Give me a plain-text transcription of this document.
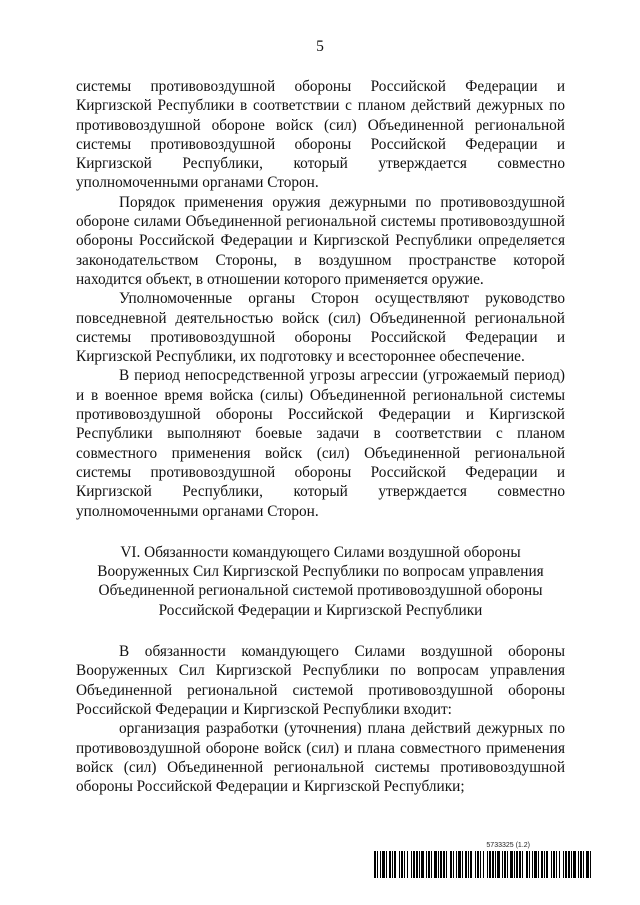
5

системы противовоздушной обороны Российской Федерации и Киргизской Республики в соответствии с планом действий дежурных по противовоздушной обороне войск (сил) Объединенной региональной системы противовоздушной обороны Российской Федерации и Киргизской Республики, который утверждается совместно уполномоченными органами Сторон.

Порядок применения оружия дежурными по противовоздушной обороне силами Объединенной региональной системы противовоздушной обороны Российской Федерации и Киргизской Республики определяется законодательством Стороны, в воздушном пространстве которой находится объект, в отношении которого применяется оружие.

Уполномоченные органы Сторон осуществляют руководство повседневной деятельностью войск (сил) Объединенной региональной системы противовоздушной обороны Российской Федерации и Киргизской Республики, их подготовку и всестороннее обеспечение.

В период непосредственной угрозы агрессии (угрожаемый период) и в военное время войска (силы) Объединенной региональной системы противовоздушной обороны Российской Федерации и Киргизской Республики выполняют боевые задачи в соответствии с планом совместного применения войск (сил) Объединенной региональной системы противовоздушной обороны Российской Федерации и Киргизской Республики, который утверждается совместно уполномоченными органами Сторон.

VI. Обязанности командующего Силами воздушной обороны
Вооруженных Сил Киргизской Республики по вопросам управления
Объединенной региональной системой противовоздушной обороны
Российской Федерации и Киргизской Республики

В обязанности командующего Силами воздушной обороны Вооруженных Сил Киргизской Республики по вопросам управления Объединенной региональной системой противовоздушной обороны Российской Федерации и Киргизской Республики входит:

организация разработки (уточнения) плана действий дежурных по противовоздушной обороне войск (сил) и плана совместного применения войск (сил) Объединенной региональной системы противовоздушной обороны Российской Федерации и Киргизской Республики;

5733325 (1.2)
